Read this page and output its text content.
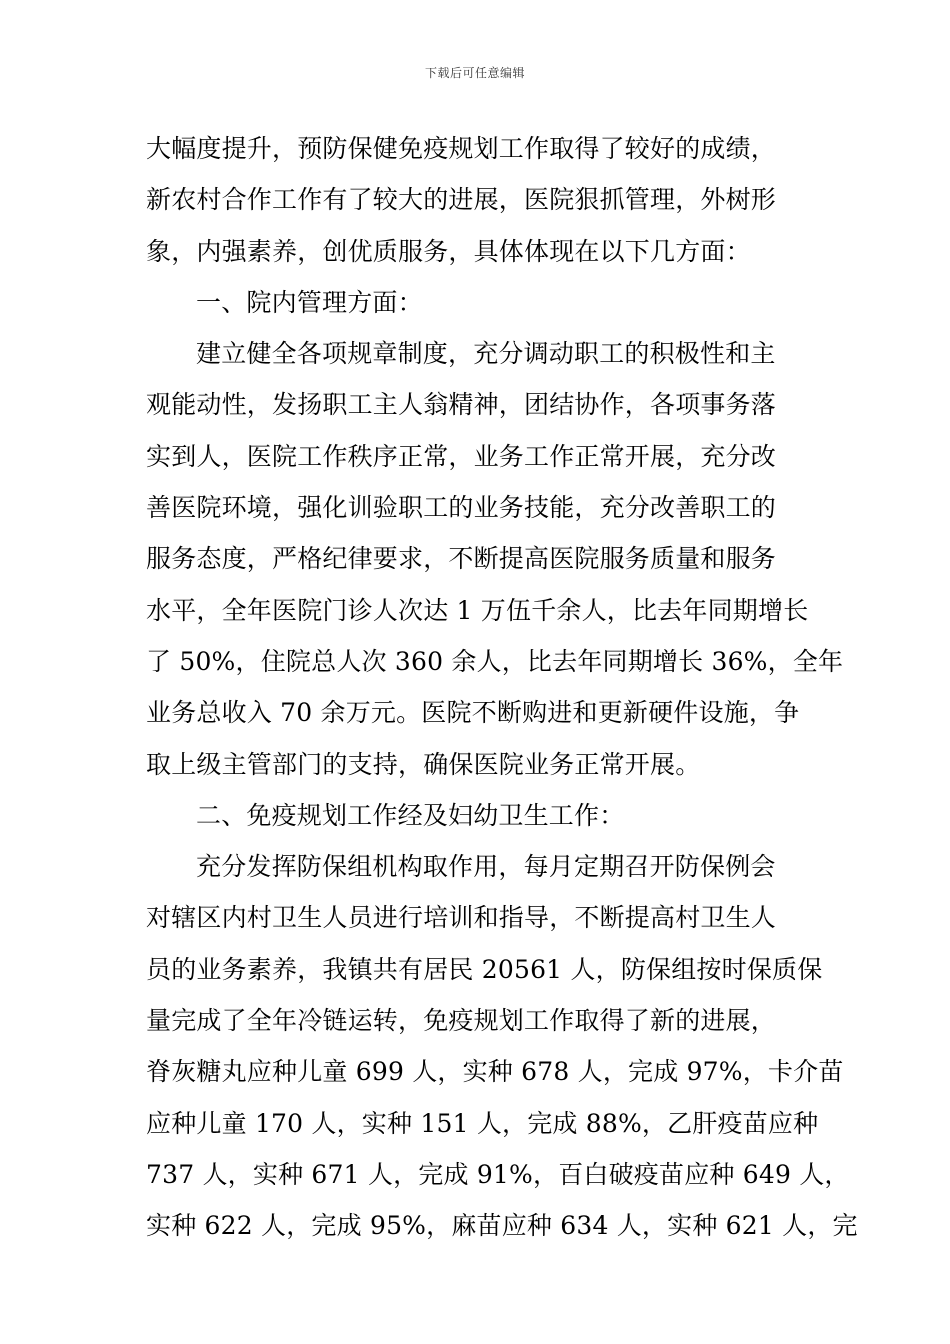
下载后可任意编辑
大幅度提升，预防保健免疫规划工作取得了较好的成绩，
新农村合作工作有了较大的进展，医院狠抓管理，外树形
象，内强素养，创优质服务，具体体现在以下几方面：
一、院内管理方面：
建立健全各项规章制度，充分调动职工的积极性和主
观能动性，发扬职工主人翁精神，团结协作，各项事务落
实到人，医院工作秩序正常，业务工作正常开展，充分改
善医院环境，强化训验职工的业务技能，充分改善职工的
服务态度，严格纪律要求，不断提高医院服务质量和服务
水平，全年医院门诊人次达 1 万伍千余人，比去年同期增长
了 50%，住院总人次 360 余人，比去年同期增长 36%，全年
业务总收入 70 余万元。医院不断购进和更新硬件设施，争
取上级主管部门的支持，确保医院业务正常开展。
二、免疫规划工作经及妇幼卫生工作：
充分发挥防保组机构取作用，每月定期召开防保例会
对辖区内村卫生人员进行培训和指导，不断提高村卫生人
员的业务素养，我镇共有居民 20561 人，防保组按时保质保
量完成了全年冷链运转，免疫规划工作取得了新的进展，
脊灰糖丸应种儿童 699 人，实种 678 人，完成 97%，卡介苗
应种儿童 170 人，实种 151 人，完成 88%，乙肝疫苗应种
737 人，实种 671 人，完成 91%，百白破疫苗应种 649 人，
实种 622 人，完成 95%，麻苗应种 634 人，实种 621 人，完
